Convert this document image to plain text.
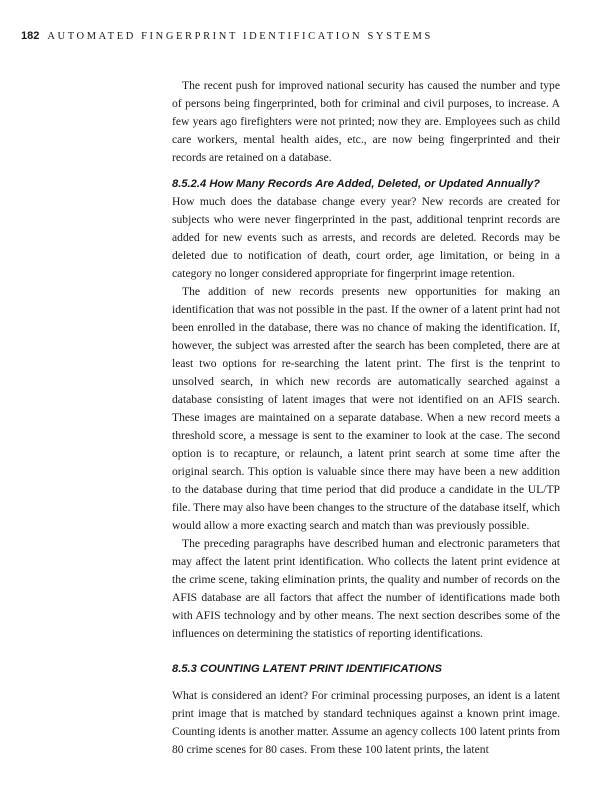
182 AUTOMATED FINGERPRINT IDENTIFICATION SYSTEMS

The recent push for improved national security has caused the number and type of persons being fingerprinted, both for criminal and civil purposes, to increase. A few years ago firefighters were not printed; now they are. Employees such as child care workers, mental health aides, etc., are now being fingerprinted and their records are retained on a database.

8.5.2.4 How Many Records Are Added, Deleted, or Updated Annually?

How much does the database change every year? New records are created for subjects who were never fingerprinted in the past, additional tenprint records are added for new events such as arrests, and records are deleted. Records may be deleted due to notification of death, court order, age limitation, or being in a category no longer considered appropriate for fingerprint image retention.

The addition of new records presents new opportunities for making an identification that was not possible in the past. If the owner of a latent print had not been enrolled in the database, there was no chance of making the identification. If, however, the subject was arrested after the search has been completed, there are at least two options for re-searching the latent print. The first is the tenprint to unsolved search, in which new records are automatically searched against a database consisting of latent images that were not identified on an AFIS search. These images are maintained on a separate database. When a new record meets a threshold score, a message is sent to the examiner to look at the case. The second option is to recapture, or relaunch, a latent print search at some time after the original search. This option is valuable since there may have been a new addition to the database during that time period that did produce a candidate in the UL/TP file. There may also have been changes to the structure of the database itself, which would allow a more exacting search and match than was previously possible.

The preceding paragraphs have described human and electronic parameters that may affect the latent print identification. Who collects the latent print evidence at the crime scene, taking elimination prints, the quality and number of records on the AFIS database are all factors that affect the number of identifications made both with AFIS technology and by other means. The next section describes some of the influences on determining the statistics of reporting identifications.

8.5.3 COUNTING LATENT PRINT IDENTIFICATIONS

What is considered an ident? For criminal processing purposes, an ident is a latent print image that is matched by standard techniques against a known print image. Counting idents is another matter. Assume an agency collects 100 latent prints from 80 crime scenes for 80 cases. From these 100 latent prints, the latent
